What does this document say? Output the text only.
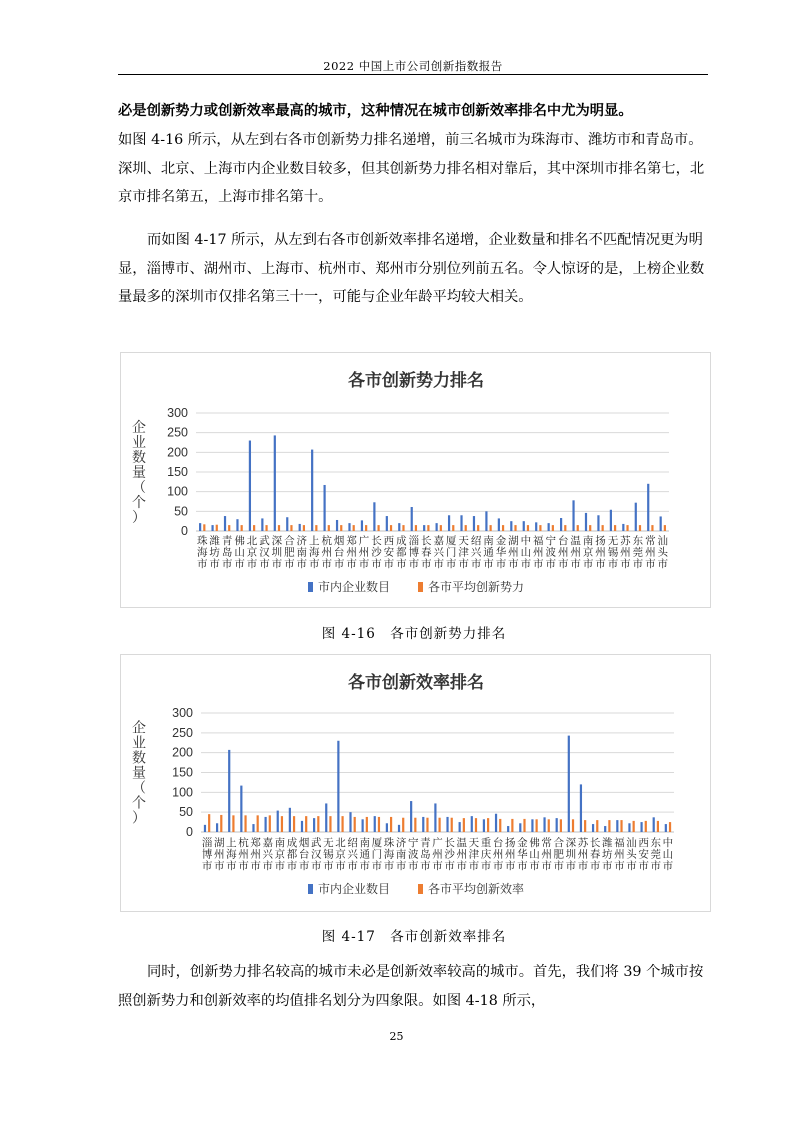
2022 中国上市公司创新指数报告

必是创新势力或创新效率最高的城市，这种情况在城市创新效率排名中尤为明显。

如图 4-16 所示，从左到右各市创新势力排名递增，前三名城市为珠海市、潍坊市和青岛市。深圳、北京、上海市内企业数目较多，但其创新势力排名相对靠后，其中深圳市排名第七，北京市排名第五，上海市排名第十。

而如图 4-17 所示，从左到右各市创新效率排名递增，企业数量和排名不匹配情况更为明显，淄博市、湖州市、上海市、杭州市、郑州市分别位列前五名。令人惊讶的是，上榜企业数量最多的深圳市仅排名第三十一，可能与企业年龄平均较大相关。

各市创新势力排名
0
50
100
150
200
250
300
企业数量（个）
珠海市
潍坊市
青岛市
佛山市
北京市
武汉市
深圳市
合肥市
济南市
上海市
杭州市
烟台市
郑州市
广州市
长沙市
西安市
成都市
淄博市
长春市
嘉兴市
厦门市
天津市
绍兴市
南通市
金华市
湖州市
中山市
福州市
宁波市
台州市
温州市
南京市
扬州市
无锡市
苏州市
东莞市
常州市
汕头市
市内企业数目	各市平均创新势力
图 4-16　各市创新势力排名
各市创新效率排名
0
50
100
150
200
250
300
企业数量（个）
淄博市
湖州市
上海市
杭州市
郑州市
嘉兴市
南京市
成都市
烟台市
武汉市
无锡市
北京市
绍兴市
南通市
厦门市
珠海市
济南市
宁波市
青岛市
广州市
长沙市
温州市
天津市
重庆市
台州市
扬州市
金华市
佛山市
常州市
合肥市
深圳市
苏州市
长春市
潍坊市
福州市
汕头市
西安市
东莞市
中山市
市内企业数目	各市平均创新效率
图 4-17　各市创新效率排名

同时，创新势力排名较高的城市未必是创新效率较高的城市。首先，我们将 39 个城市按照创新势力和创新效率的均值排名划分为四象限。如图 4-18 所示，

25
